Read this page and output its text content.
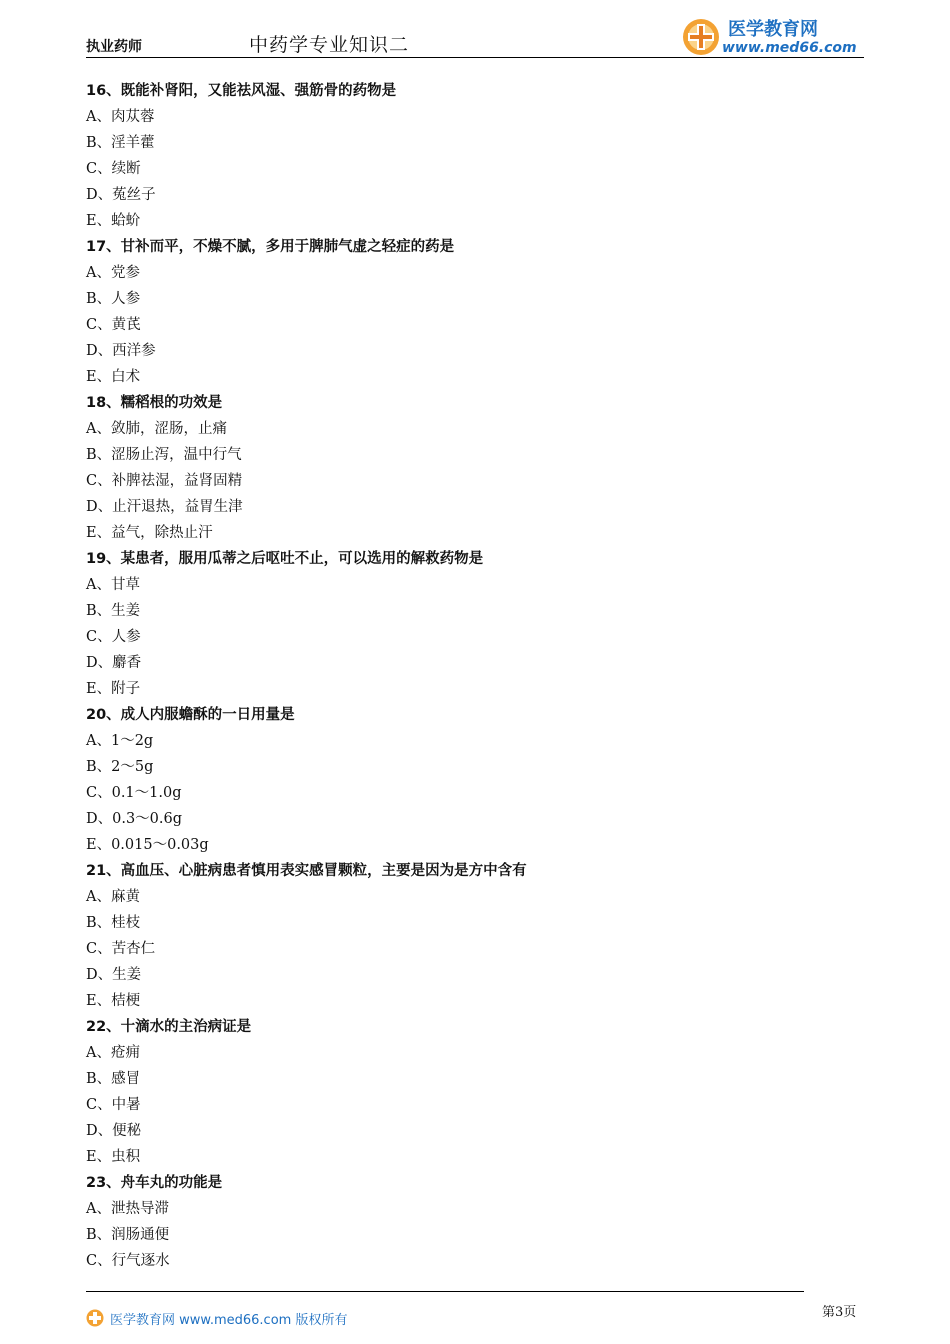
执业药师	中药学专业知识二
医学教育网
www.med66.com
16、既能补肾阳，又能祛风湿、强筋骨的药物是
A、肉苁蓉
B、淫羊藿
C、续断
D、菟丝子
E、蛤蚧
17、甘补而平，不燥不腻，多用于脾肺气虚之轻症的药是
A、党参
B、人参
C、黄芪
D、西洋参
E、白术
18、糯稻根的功效是
A、敛肺，涩肠，止痛
B、涩肠止泻，温中行气
C、补脾祛湿，益肾固精
D、止汗退热，益胃生津
E、益气，除热止汗
19、某患者，服用瓜蒂之后呕吐不止，可以选用的解救药物是
A、甘草
B、生姜
C、人参
D、麝香
E、附子
20、成人内服蟾酥的一日用量是
A、1～2g
B、2～5g
C、0.1～1.0g
D、0.3～0.6g
E、0.015～0.03g
21、高血压、心脏病患者慎用表实感冒颗粒，主要是因为是方中含有
A、麻黄
B、桂枝
C、苦杏仁
D、生姜
E、桔梗
22、十滴水的主治病证是
A、疮痈
B、感冒
C、中暑
D、便秘
E、虫积
23、舟车丸的功能是
A、泄热导滞
B、润肠通便
C、行气逐水
医学教育网 www.med66.com 版权所有
第3页
